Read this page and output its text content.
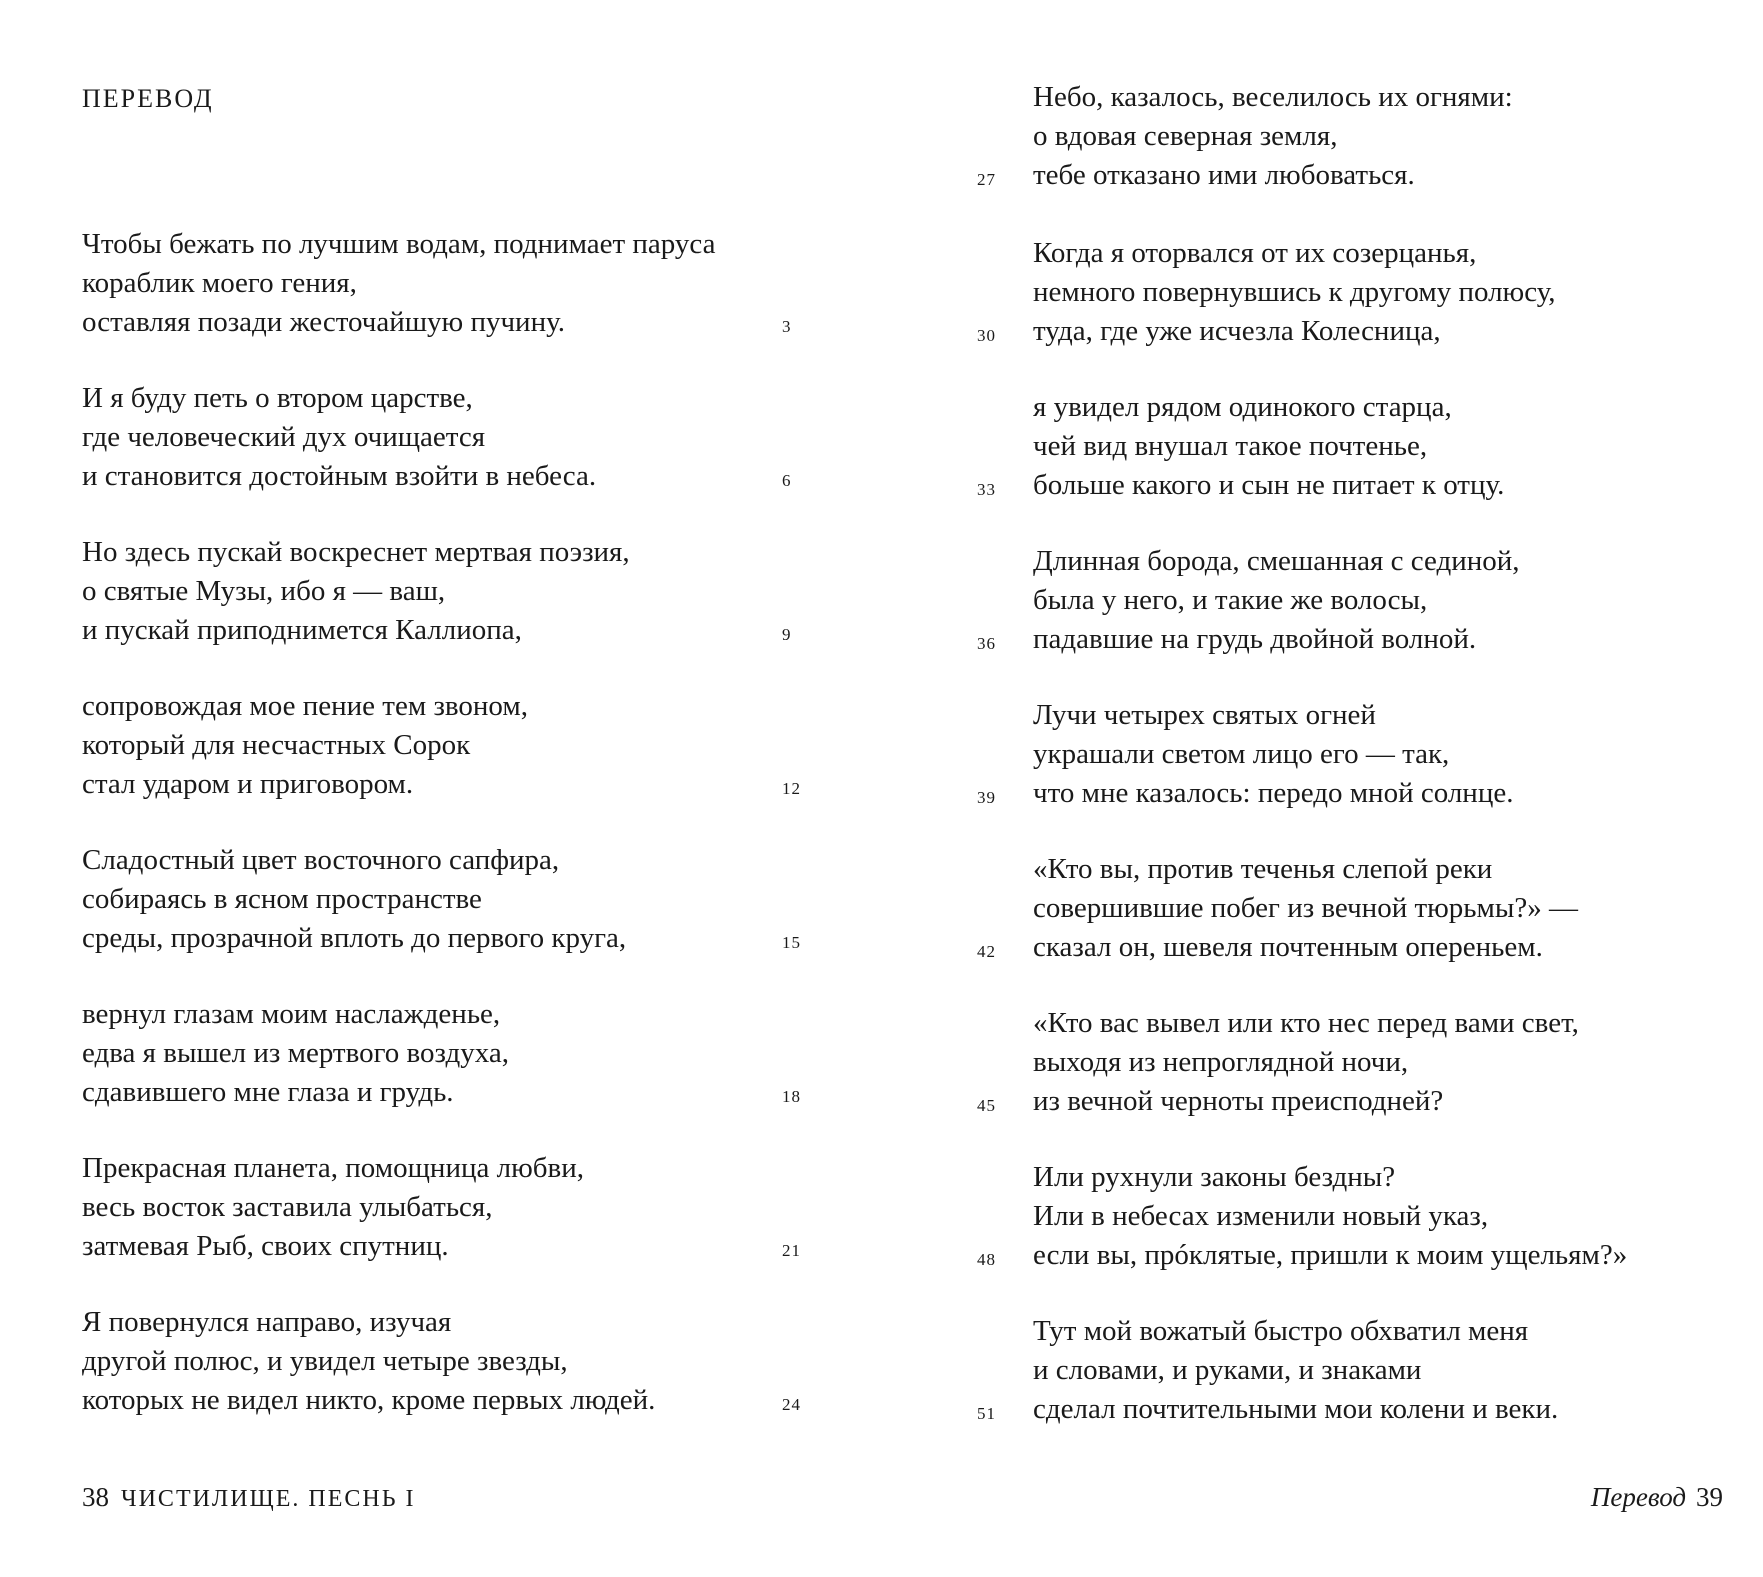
ПЕРЕВОД
Чтобы бежать по лучшим водам, поднимает паруса
кораблик моего гения,
оставляя позади жесточайшую пучину.	3
И я буду петь о втором царстве,
где человеческий дух очищается
и становится достойным взойти в небеса.	6
Но здесь пускай воскреснет мертвая поэзия,
о святые Музы, ибо я — ваш,
и пускай приподнимется Каллиопа,	9
сопровождая мое пение тем звоном,
который для несчастных Сорок
стал ударом и приговором.	12
Сладостный цвет восточного сапфира,
собираясь в ясном пространстве
среды, прозрачной вплоть до первого круга,	15
вернул глазам моим наслажденье,
едва я вышел из мертвого воздуха,
сдавившего мне глаза и грудь.	18
Прекрасная планета, помощница любви,
весь восток заставила улыбаться,
затмевая Рыб, своих спутниц.	21
Я повернулся направо, изучая
другой полюс, и увидел четыре звезды,
которых не видел никто, кроме первых людей.	24
38 ЧИСТИЛИЩЕ. ПЕСНЬ I
Небо, казалось, веселилось их огнями:
о вдовая северная земля,
27 тебе отказано ими любоваться.
Когда я оторвался от их созерцанья,
немного повернувшись к другому полюсу,
30 туда, где уже исчезла Колесница,
я увидел рядом одинокого старца,
чей вид внушал такое почтенье,
33 больше какого и сын не питает к отцу.
Длинная борода, смешанная с сединой,
была у него, и такие же волосы,
36 падавшие на грудь двойной волной.
Лучи четырех святых огней
украшали светом лицо его — так,
39 что мне казалось: передо мной солнце.
«Кто вы, против теченья слепой реки
совершившие побег из вечной тюрьмы?» —
42 сказал он, шевеля почтенным опереньем.
«Кто вас вывел или кто нес перед вами свет,
выходя из непроглядной ночи,
45 из вечной черноты преисподней?
Или рухнули законы бездны?
Или в небесах изменили новый указ,
48 если вы, прóклятые, пришли к моим ущельям?»
Тут мой вожатый быстро обхватил меня
и словами, и руками, и знаками
51 сделал почтительными мои колени и веки.
Перевод 39
